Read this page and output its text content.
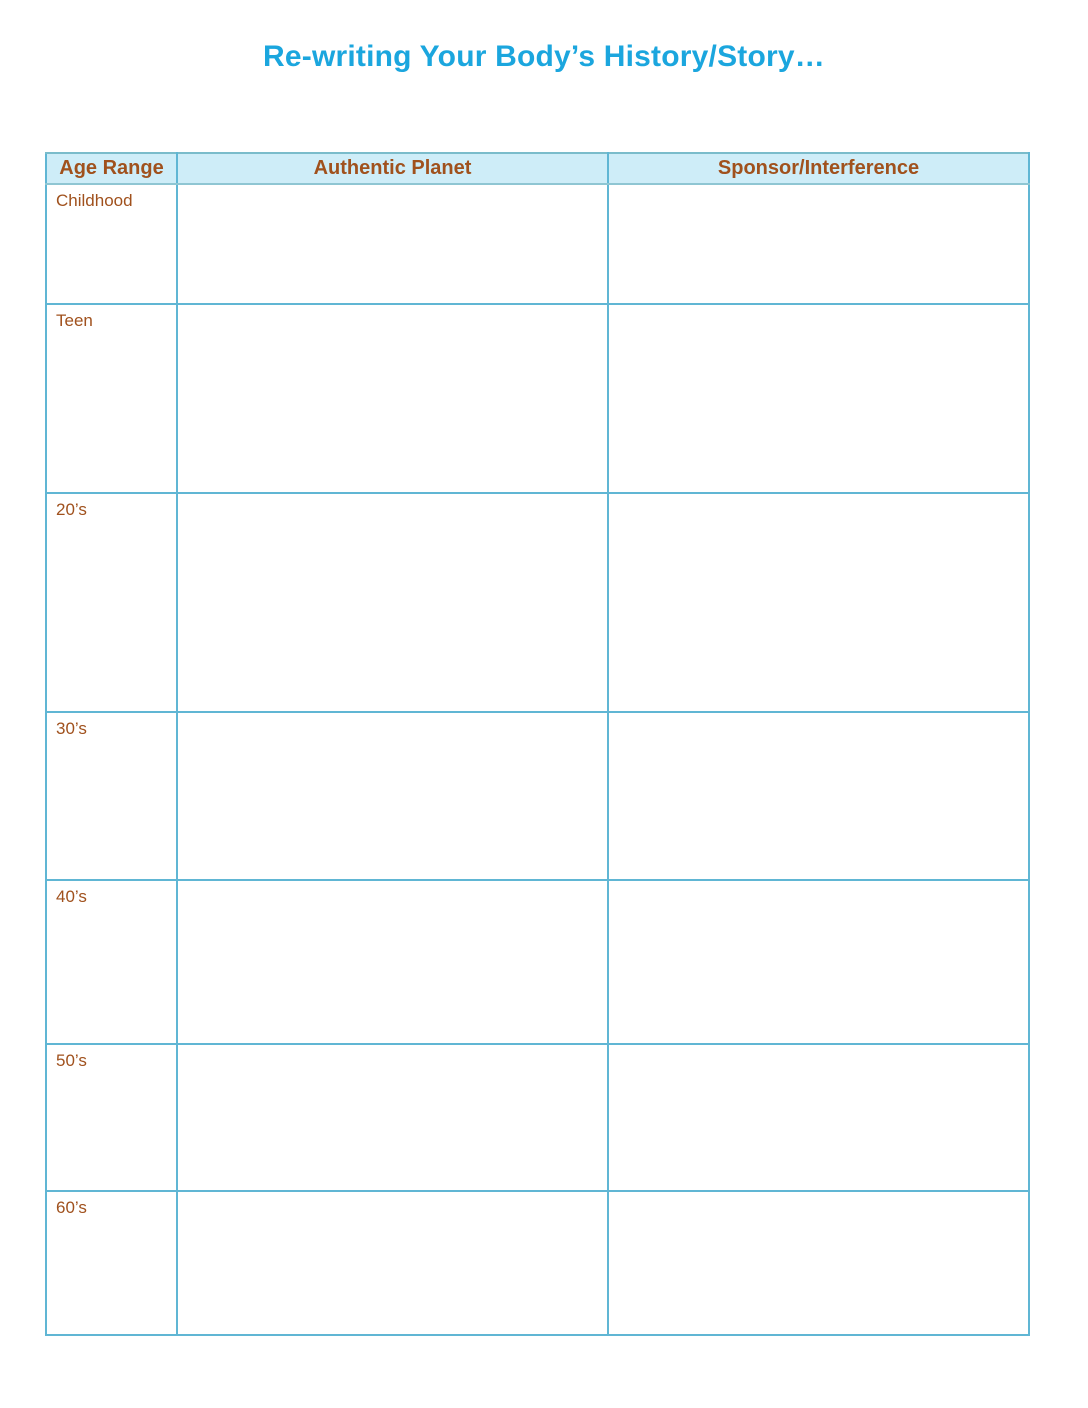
Re-writing Your Body’s History/Story…
Age Range	Authentic Planet	Sponsor/Interference
Childhood		
Teen		
20’s		
30’s		
40’s		
50’s		
60’s		
